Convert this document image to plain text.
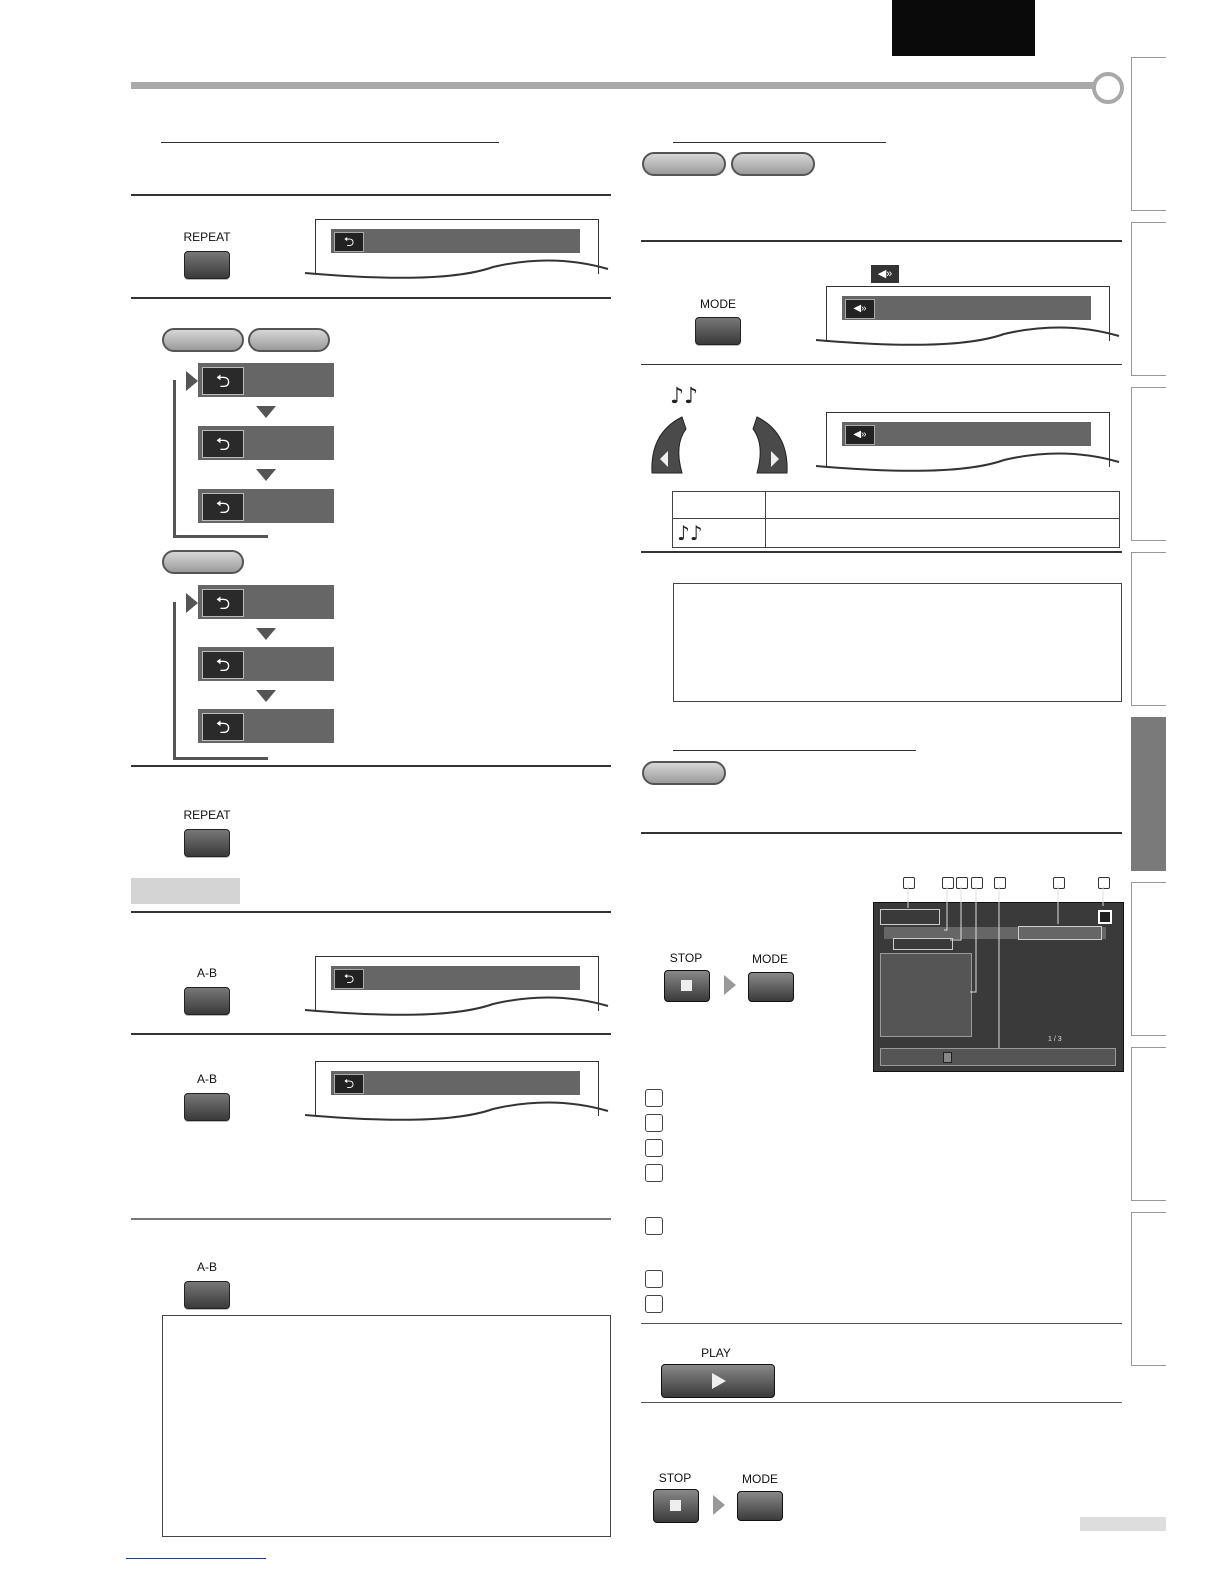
REPEAT	⮌
⮌
⮌
⮌
⮌
⮌
⮌
REPEAT
A-B	⮌
A-B	⮌
A-B
◀»
MODE	◀»
♪♪
◀»

♪♪	
STOP	MODE
1 / 3
PLAY
STOP	MODE
